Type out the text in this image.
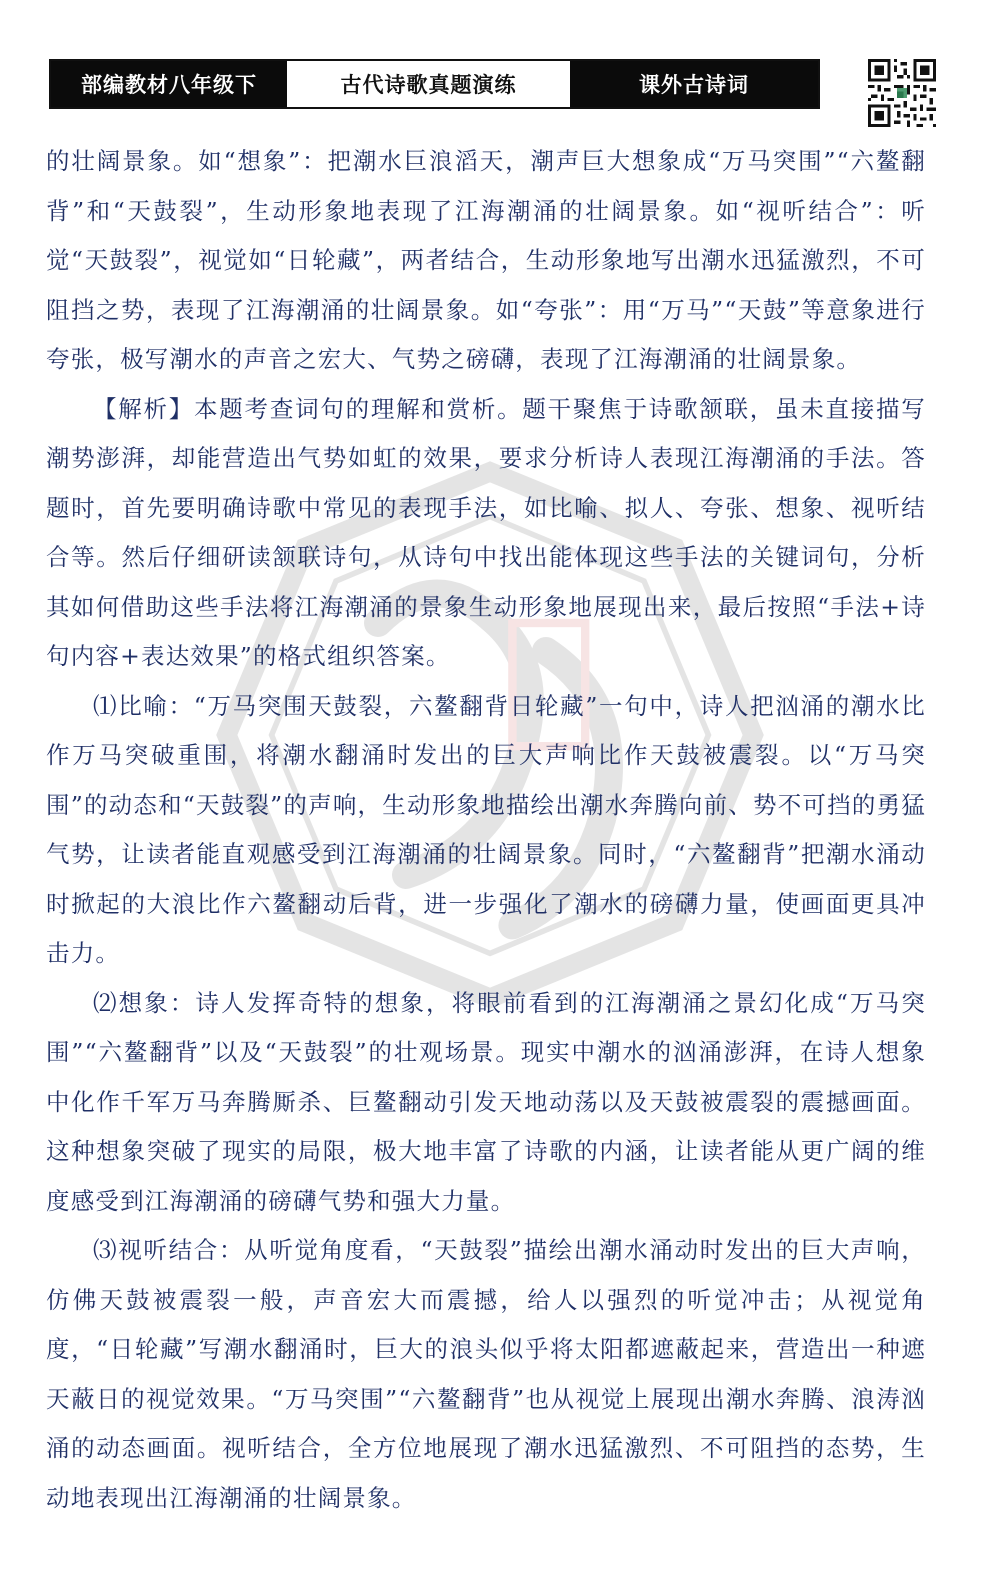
部编教材八年级下	古代诗歌真题演练	课外古诗词

的壮阔景象。如“想象”：把潮水巨浪滔天，潮声巨大想象成“万马突围”“六鳌翻背”和“天鼓裂”，生动形象地表现了江海潮涌的壮阔景象。如“视听结合”：听觉“天鼓裂”，视觉如“日轮藏”，两者结合，生动形象地写出潮水迅猛激烈，不可阻挡之势，表现了江海潮涌的壮阔景象。如“夸张”：用“万马”“天鼓”等意象进行夸张，极写潮水的声音之宏大、气势之磅礴，表现了江海潮涌的壮阔景象。

【解析】本题考查词句的理解和赏析。题干聚焦于诗歌颔联，虽未直接描写潮势澎湃，却能营造出气势如虹的效果，要求分析诗人表现江海潮涌的手法。答题时，首先要明确诗歌中常见的表现手法，如比喻、拟人、夸张、想象、视听结合等。然后仔细研读颔联诗句，从诗句中找出能体现这些手法的关键词句，分析其如何借助这些手法将江海潮涌的景象生动形象地展现出来，最后按照“手法+诗句内容+表达效果”的格式组织答案。

⑴比喻：“万马突围天鼓裂，六鳌翻背日轮藏”一句中，诗人把汹涌的潮水比作万马突破重围，将潮水翻涌时发出的巨大声响比作天鼓被震裂。以“万马突围”的动态和“天鼓裂”的声响，生动形象地描绘出潮水奔腾向前、势不可挡的勇猛气势，让读者能直观感受到江海潮涌的壮阔景象。同时，“六鳌翻背”把潮水涌动时掀起的大浪比作六鳌翻动后背，进一步强化了潮水的磅礴力量，使画面更具冲击力。

⑵想象：诗人发挥奇特的想象，将眼前看到的江海潮涌之景幻化成“万马突围”“六鳌翻背”以及“天鼓裂”的壮观场景。现实中潮水的汹涌澎湃，在诗人想象中化作千军万马奔腾厮杀、巨鳌翻动引发天地动荡以及天鼓被震裂的震撼画面。这种想象突破了现实的局限，极大地丰富了诗歌的内涵，让读者能从更广阔的维度感受到江海潮涌的磅礴气势和强大力量。

⑶视听结合：从听觉角度看，“天鼓裂”描绘出潮水涌动时发出的巨大声响，仿佛天鼓被震裂一般，声音宏大而震撼，给人以强烈的听觉冲击；从视觉角度，“日轮藏”写潮水翻涌时，巨大的浪头似乎将太阳都遮蔽起来，营造出一种遮天蔽日的视觉效果。“万马突围”“六鳌翻背”也从视觉上展现出潮水奔腾、浪涛汹涌的动态画面。视听结合，全方位地展现了潮水迅猛激烈、不可阻挡的态势，生动地表现出江海潮涌的壮阔景象。
